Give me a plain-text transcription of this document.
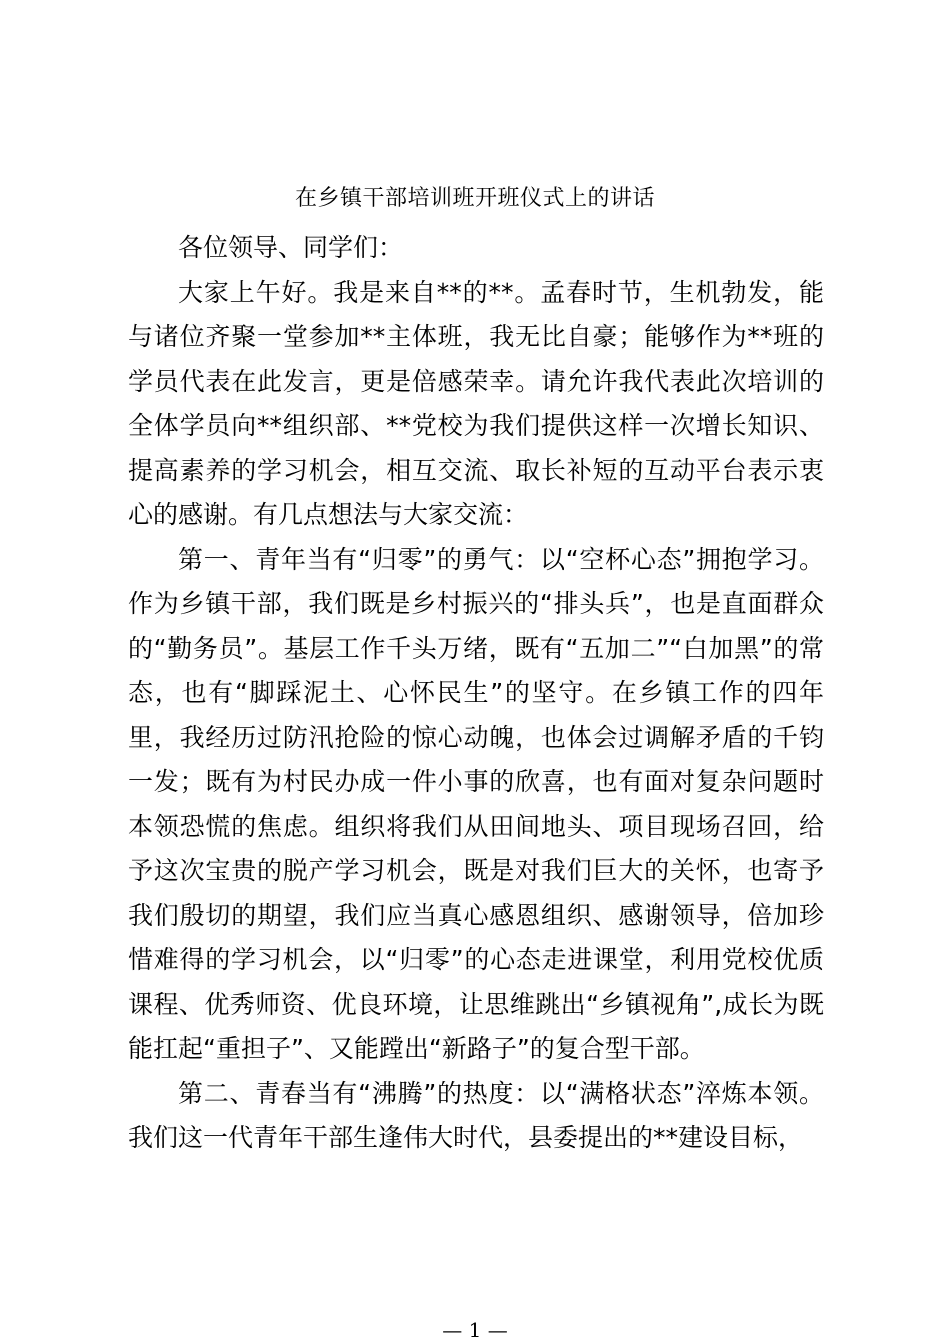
在乡镇干部培训班开班仪式上的讲话

各位领导、同学们：

大家上午好。我是来自**的**。孟春时节，生机勃发，能与诸位齐聚一堂参加**主体班，我无比自豪；能够作为**班的学员代表在此发言，更是倍感荣幸。请允许我代表此次培训的全体学员向**组织部、**党校为我们提供这样一次增长知识、提高素养的学习机会，相互交流、取长补短的互动平台表示衷心的感谢。有几点想法与大家交流：

第一、青年当有“归零”的勇气：以“空杯心态”拥抱学习。作为乡镇干部，我们既是乡村振兴的“排头兵”，也是直面群众的“勤务员”。基层工作千头万绪，既有“五加二”“白加黑”的常态，也有“脚踩泥土、心怀民生”的坚守。在乡镇工作的四年里，我经历过防汛抢险的惊心动魄，也体会过调解矛盾的千钧一发；既有为村民办成一件小事的欣喜，也有面对复杂问题时本领恐慌的焦虑。组织将我们从田间地头、项目现场召回，给予这次宝贵的脱产学习机会，既是对我们巨大的关怀，也寄予我们殷切的期望，我们应当真心感恩组织、感谢领导，倍加珍惜难得的学习机会，以“归零”的心态走进课堂，利用党校优质课程、优秀师资、优良环境，让思维跳出“乡镇视角”,成长为既能扛起“重担子”、又能蹚出“新路子”的复合型干部。

第二、青春当有“沸腾”的热度：以“满格状态”淬炼本领。我们这一代青年干部生逢伟大时代，县委提出的**建设目标，

— 1 —
